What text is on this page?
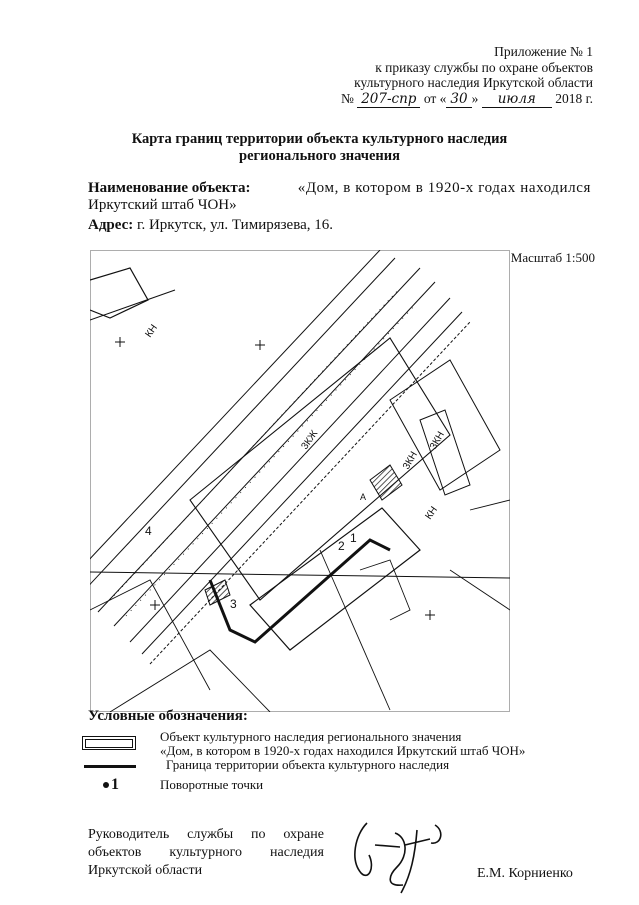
Приложение № 1
к приказу службы по охране объектов
культурного наследия Иркутской области
№ 207-спр от « 30 » июля 2018 г.
Карта границ территории объекта культурного наследия
регионального значения
Наименование объекта:	«Дом, в котором в 1920-х годах находился
Иркутский штаб ЧОН»
Адрес: г. Иркутск, ул. Тимирязева, 16.
Масштаб 1:500
3КЖ	3КН
3КН
КН
КН
1
2
3
4
А
Условные обозначения:
Объект культурного наследия регионального значения
«Дом, в котором в 1920-х годах находился Иркутский штаб ЧОН»
Граница территории объекта культурного наследия
1	Поворотные точки
Руководитель службы по охране
объектов культурного наследия
Иркутской области	Е.М. Корниенко
